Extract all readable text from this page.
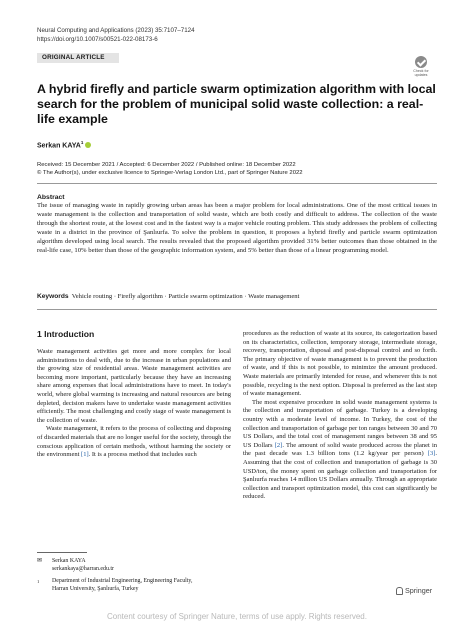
Neural Computing and Applications (2023) 35:7107–7124
https://doi.org/10.1007/s00521-022-08173-6
ORIGINAL ARTICLE
Check for updates
A hybrid firefly and particle swarm optimization algorithm with local search for the problem of municipal solid waste collection: a real-life example
Serkan KAYA$^1$
Received: 15 December 2021 / Accepted: 6 December 2022 / Published online: 18 December 2022
© The Author(s), under exclusive licence to Springer-Verlag London Ltd., part of Springer Nature 2022
Abstract
The issue of managing waste in rapidly growing urban areas has been a major problem for local administrations. One of the most critical issues in waste management is the collection and transportation of solid waste, which are both costly and difficult to address. The collection of the waste through the shortest route, at the lowest cost and in the fastest way is a major vehicle routing problem. This study addresses the problem of collecting waste in a district in the province of Şanlıurfa. To solve the problem in question, it proposes a hybrid firefly and particle swarm optimization algorithm developed using local search. The results revealed that the proposed algorithm provided 31% better outcomes than those obtained in the real-life case, 10% better than those of the geographic information system, and 5% better than those of a linear programming model.
Keywords Vehicle routing · Firefly algorithm · Particle swarm optimization · Waste management
1 Introduction

Waste management activities get more and more complex for local administrations to deal with, due to the increase in urban populations and the growing size of residential areas. Waste management activities are becoming more important, particularly because they have an increasing share among expenses that local administrations have to meet. In today's world, where global warming is increasing and natural resources are being depleted, decision makers have to undertake waste management activities efficiently. The most challenging and costly stage of waste management is the collection of waste.

Waste management, it refers to the process of collecting and disposing of discarded materials that are no longer useful for the society, through the conscious application of certain methods, without harming the society or the environment [1]. It is a process method that includes such

procedures as the reduction of waste at its source, its categorization based on its characteristics, collection, temporary storage, intermediate storage, recovery, transportation, disposal and post-disposal control and so forth. The primary objective of waste management is to prevent the production of waste, and if this is not possible, to minimize the amount produced. Waste materials are primarily intended for reuse, and whenever this is not possible, recycling is the next option. Disposal is preferred as the last step of waste management.

The most expensive procedure in solid waste management systems is the collection and transportation of garbage. Turkey is a developing country with a moderate level of income. In Turkey, the cost of the collection and transportation of garbage per ton ranges between 30 and 70 US Dollars, and the total cost of management ranges between 38 and 95 US Dollars [2]. The amount of solid waste produced across the planet in the past decade was 1.3 billion tons (1.2 kg/year per person) [3]. Assuming that the cost of collection and transportation of garbage is 30 USD/ton, the money spent on garbage collection and transportation for Şanlıurfa reaches 14 million US Dollars annually. Through an appropriate collection and transport optimization model, this cost can significantly be reduced.

✉	Serkan KAYA
serkankaya@harran.edu.tr
1	Department of Industrial Engineering, Engineering Faculty,
Harran University, Şanlıurfa, Turkey	Springer
Content courtesy of Springer Nature, terms of use apply. Rights reserved.
